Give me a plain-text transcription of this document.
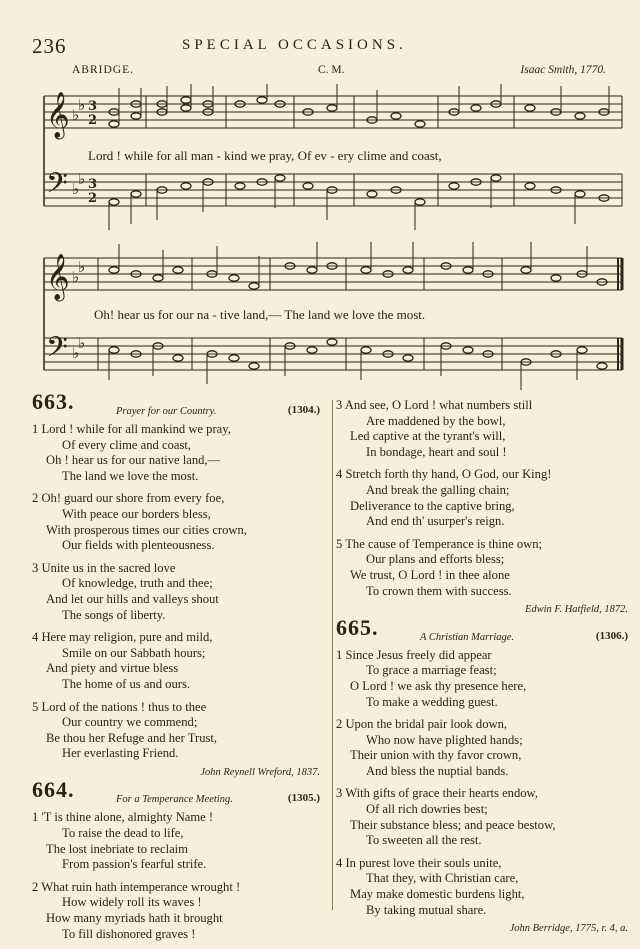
236	SPECIAL OCCASIONS.
ABRIDGE.	C. M.	Isaac Smith, 1770.
𝄞
𝄢
♭
♭
♭
♭
3
2
3
2
Lord ! while for all man - kind we pray, Of ev - ery clime and coast,
𝄞
𝄢
♭
♭
♭
♭
Oh! hear us for our na - tive land,— The land we love the most.
663.	Prayer for our Country.	(1304.)
1 Lord ! while for all mankind we pray,
Of every clime and coast,
Oh ! hear us for our native land,—
The land we love the most.
2 Oh! guard our shore from every foe,
With peace our borders bless,
With prosperous times our cities crown,
Our fields with plenteousness.
3 Unite us in the sacred love
Of knowledge, truth and thee;
And let our hills and valleys shout
The songs of liberty.
4 Here may religion, pure and mild,
Smile on our Sabbath hours;
And piety and virtue bless
The home of us and ours.
5 Lord of the nations ! thus to thee
Our country we commend;
Be thou her Refuge and her Trust,
Her everlasting Friend.
John Reynell Wreford, 1837.
664.	For a Temperance Meeting.	(1305.)
1 'T is thine alone, almighty Name !
To raise the dead to life,
The lost inebriate to reclaim
From passion's fearful strife.
2 What ruin hath intemperance wrought !
How widely roll its waves !
How many myriads hath it brought
To fill dishonored graves !
3 And see, O Lord ! what numbers still
Are maddened by the bowl,
Led captive at the tyrant's will,
In bondage, heart and soul !
4 Stretch forth thy hand, O God, our King!
And break the galling chain;
Deliverance to the captive bring,
And end th' usurper's reign.
5 The cause of Temperance is thine own;
Our plans and efforts bless;
We trust, O Lord ! in thee alone
To crown them with success.
Edwin F. Hatfield, 1872.
665.	A Christian Marriage.	(1306.)
1 Since Jesus freely did appear
To grace a marriage feast;
O Lord ! we ask thy presence here,
To make a wedding guest.
2 Upon the bridal pair look down,
Who now have plighted hands;
Their union with thy favor crown,
And bless the nuptial bands.
3 With gifts of grace their hearts endow,
Of all rich dowries best;
Their substance bless; and peace bestow,
To sweeten all the rest.
4 In purest love their souls unite,
That they, with Christian care,
May make domestic burdens light,
By taking mutual share.
John Berridge, 1775, r. 4, a.
